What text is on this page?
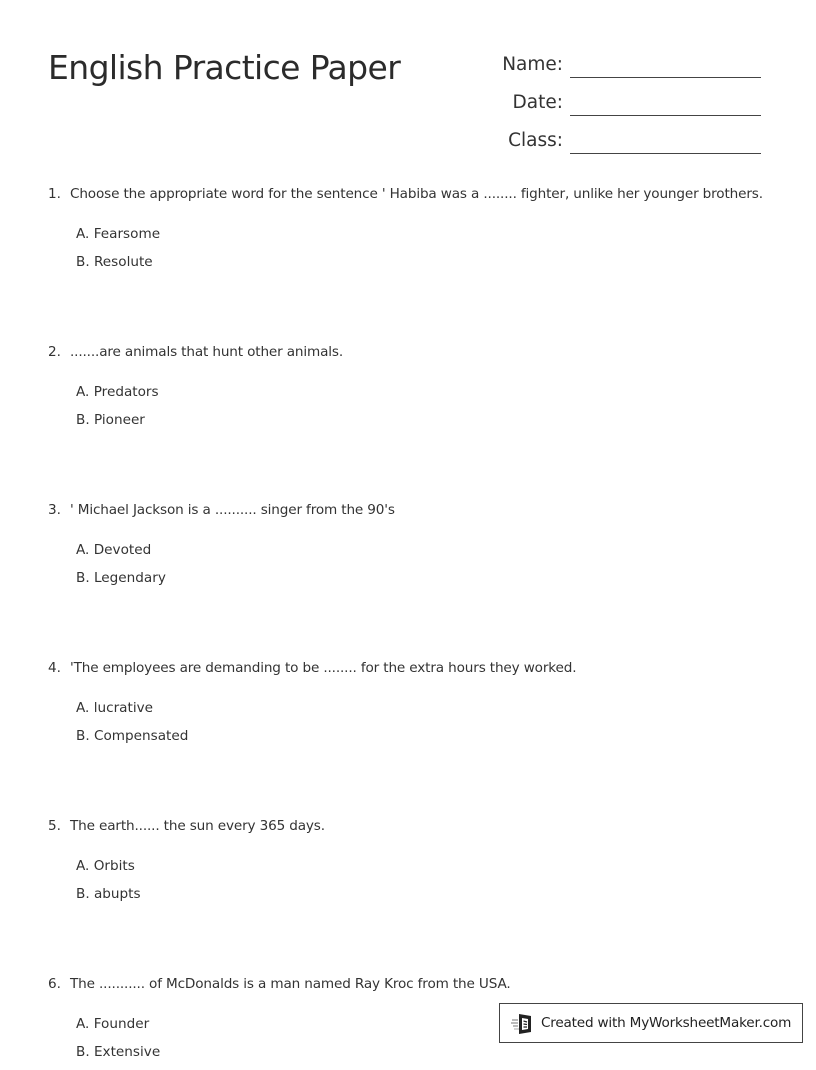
English Practice Paper	Name:
Date:
Class:
1. Choose the appropriate word for the sentence ' Habiba was a ........ fighter, unlike her younger brothers.
A. Fearsome
B. Resolute
2. .......are animals that hunt other animals.
A. Predators
B. Pioneer
3. ' Michael Jackson is a .......... singer from the 90's
A. Devoted
B. Legendary
4. 'The employees are demanding to be ........ for the extra hours they worked.
A. lucrative
B. Compensated
5. The earth...... the sun every 365 days.
A. Orbits
B. abupts
6. The ........... of McDonalds is a man named Ray Kroc from the USA.
A. Founder
B. Extensive
Created with MyWorksheetMaker.com
